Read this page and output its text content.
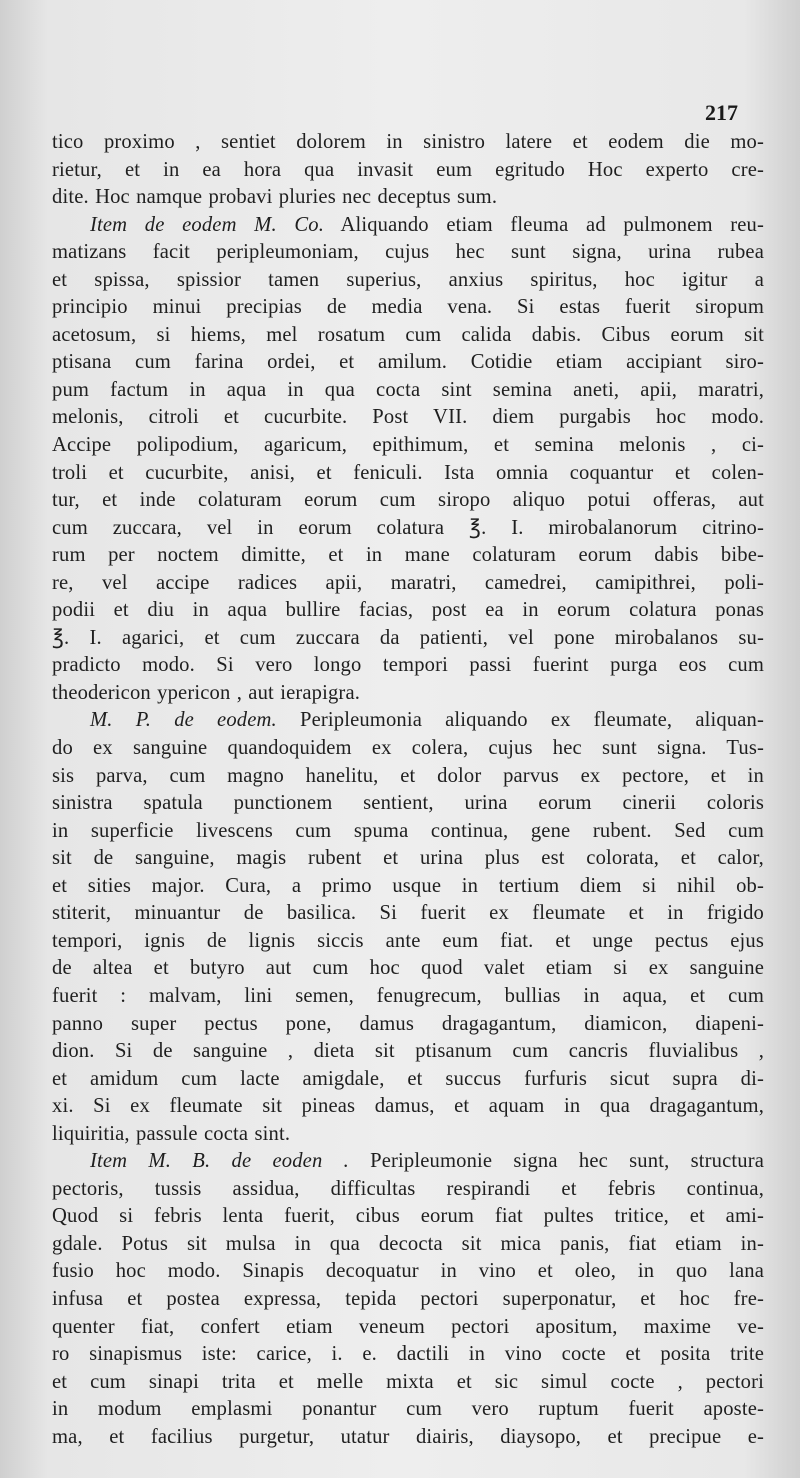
217
tico proximo , sentiet dolorem in sinistro latere et eodem die mo-
rietur, et in ea hora qua invasit eum egritudo Hoc experto cre-
dite. Hoc namque probavi pluries nec deceptus sum.
Item de eodem M. Co. Aliquando etiam fleuma ad pulmonem reu-
matizans facit peripleumoniam, cujus hec sunt signa, urina rubea
et spissa, spissior tamen superius, anxius spiritus, hoc igitur a
principio minui precipias de media vena. Si estas fuerit siropum
acetosum, si hiems, mel rosatum cum calida dabis. Cibus eorum sit
ptisana cum farina ordei, et amilum. Cotidie etiam accipiant siro-
pum factum in aqua in qua cocta sint semina aneti, apii, maratri,
melonis, citroli et cucurbite. Post VII. diem purgabis hoc modo.
Accipe polipodium, agaricum, epithimum, et semina melonis , ci-
troli et cucurbite, anisi, et feniculi. Ista omnia coquantur et colen-
tur, et inde colaturam eorum cum siropo aliquo potui offeras, aut
cum zuccara, vel in eorum colatura ℥. I. mirobalanorum citrino-
rum per noctem dimitte, et in mane colaturam eorum dabis bibe-
re, vel accipe radices apii, maratri, camedrei, camipithrei, poli-
podii et diu in aqua bullire facias, post ea in eorum colatura ponas
℥. I. agarici, et cum zuccara da patienti, vel pone mirobalanos su-
pradicto modo. Si vero longo tempori passi fuerint purga eos cum
theodericon ypericon , aut ierapigra.
M. P. de eodem. Peripleumonia aliquando ex fleumate, aliquan-
do ex sanguine quandoquidem ex colera, cujus hec sunt signa. Tus-
sis parva, cum magno hanelitu, et dolor parvus ex pectore, et in
sinistra spatula punctionem sentient, urina eorum cinerii coloris
in superficie livescens cum spuma continua, gene rubent. Sed cum
sit de sanguine, magis rubent et urina plus est colorata, et calor,
et sities major. Cura, a primo usque in tertium diem si nihil ob-
stiterit, minuantur de basilica. Si fuerit ex fleumate et in frigido
tempori, ignis de lignis siccis ante eum fiat. et unge pectus ejus
de altea et butyro aut cum hoc quod valet etiam si ex sanguine
fuerit : malvam, lini semen, fenugrecum, bullias in aqua, et cum
panno super pectus pone, damus dragagantum, diamicon, diapeni-
dion. Si de sanguine , dieta sit ptisanum cum cancris fluvialibus ,
et amidum cum lacte amigdale, et succus furfuris sicut supra di-
xi. Si ex fleumate sit pineas damus, et aquam in qua dragagantum,
liquiritia, passule cocta sint.
Item M. B. de eoden . Peripleumonie signa hec sunt, structura
pectoris, tussis assidua, difficultas respirandi et febris continua,
Quod si febris lenta fuerit, cibus eorum fiat pultes tritice, et ami-
gdale. Potus sit mulsa in qua decocta sit mica panis, fiat etiam in-
fusio hoc modo. Sinapis decoquatur in vino et oleo, in quo lana
infusa et postea expressa, tepida pectori superponatur, et hoc fre-
quenter fiat, confert etiam veneum pectori apositum, maxime ve-
ro sinapismus iste: carice, i. e. dactili in vino cocte et posita trite
et cum sinapi trita et melle mixta et sic simul cocte , pectori
in modum emplasmi ponantur cum vero ruptum fuerit aposte-
ma, et facilius purgetur, utatur diairis, diaysopo, et precipue e-
